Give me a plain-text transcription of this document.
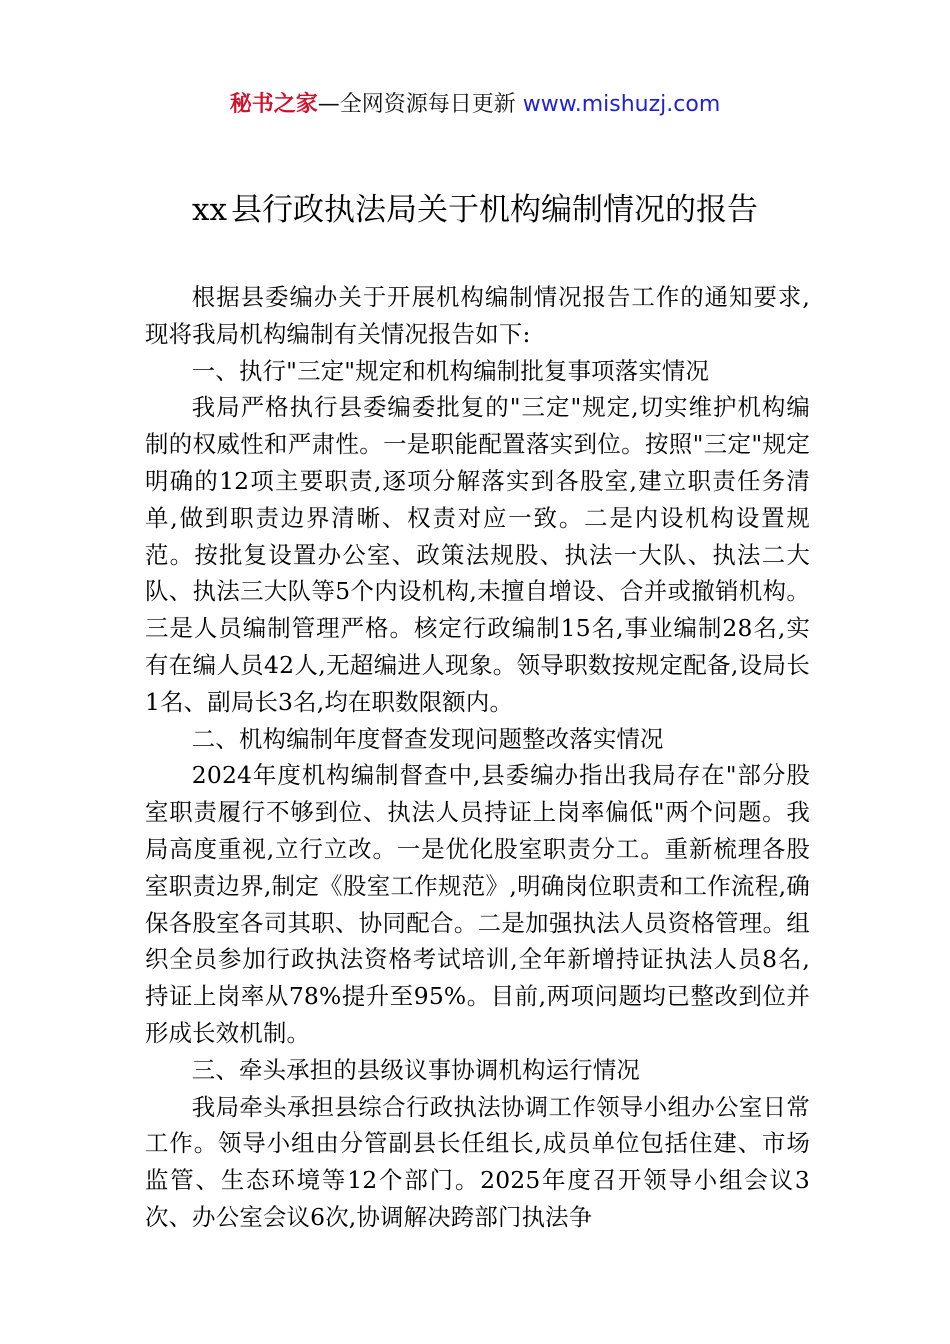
秘书之家—全网资源每日更新 www.mishuzj.com
xx 县行政执法局关于机构编制情况的报告

根据县委编办关于开展机构编制情况报告工作的通知要求,现将我局机构编制有关情况报告如下:

一、执行"三定"规定和机构编制批复事项落实情况

我局严格执行县委编委批复的"三定"规定,切实维护机构编制的权威性和严肃性。一是职能配置落实到位。按照"三定"规定明确的12项主要职责,逐项分解落实到各股室,建立职责任务清单,做到职责边界清晰、权责对应一致。二是内设机构设置规范。按批复设置办公室、政策法规股、执法一大队、执法二大队、执法三大队等5个内设机构,未擅自增设、合并或撤销机构。三是人员编制管理严格。核定行政编制15名,事业编制28名,实有在编人员42人,无超编进人现象。领导职数按规定配备,设局长1名、副局长3名,均在职数限额内。

二、机构编制年度督查发现问题整改落实情况

2024年度机构编制督查中,县委编办指出我局存在"部分股室职责履行不够到位、执法人员持证上岗率偏低"两个问题。我局高度重视,立行立改。一是优化股室职责分工。重新梳理各股室职责边界,制定《股室工作规范》,明确岗位职责和工作流程,确保各股室各司其职、协同配合。二是加强执法人员资格管理。组织全员参加行政执法资格考试培训,全年新增持证执法人员8名,持证上岗率从78%提升至95%。目前,两项问题均已整改到位并形成长效机制。

三、牵头承担的县级议事协调机构运行情况

我局牵头承担县综合行政执法协调工作领导小组办公室日常工作。领导小组由分管副县长任组长,成员单位包括住建、市场监管、生态环境等12个部门。2025年度召开领导小组会议3次、办公室会议6次,协调解决跨部门执法争
